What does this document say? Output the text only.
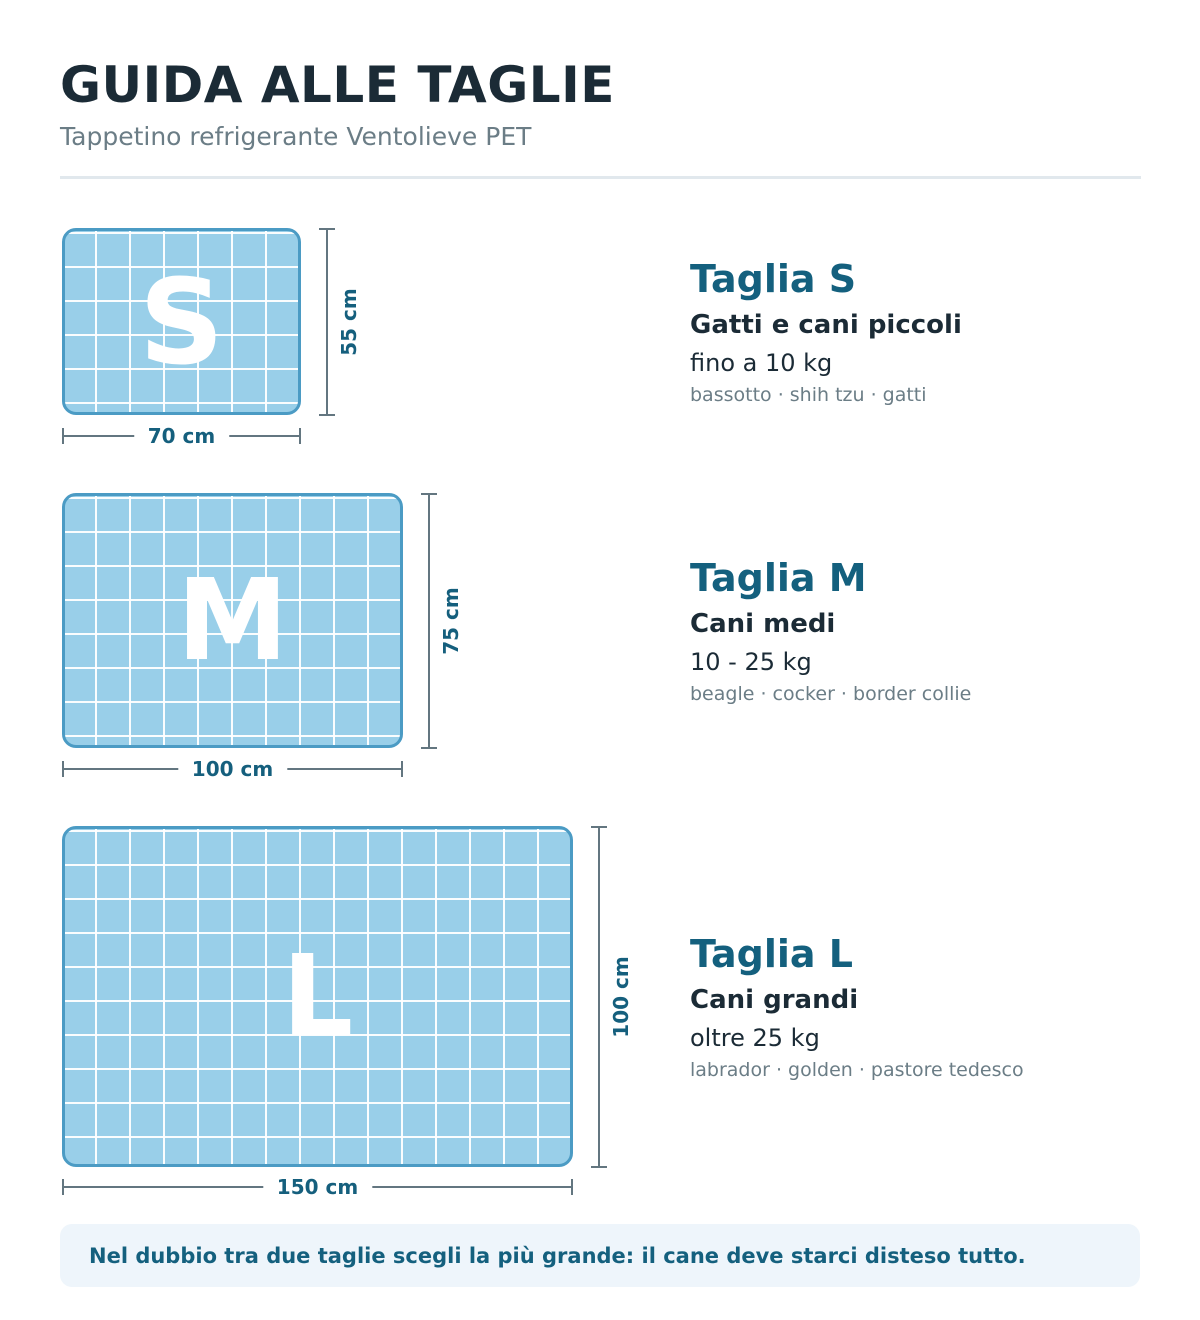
GUIDA ALLE TAGLIE
Tappetino refrigerante Ventolieve PET
S
70 cm
55 cm
Taglia S
Gatti e cani piccoli
fino a 10 kg
bassotto · shih tzu · gatti
M
100 cm
75 cm
Taglia M
Cani medi
10 - 25 kg
beagle · cocker · border collie
L
150 cm
100 cm
Taglia L
Cani grandi
oltre 25 kg
labrador · golden · pastore tedesco
Nel dubbio tra due taglie scegli la più grande: il cane deve starci disteso tutto.
